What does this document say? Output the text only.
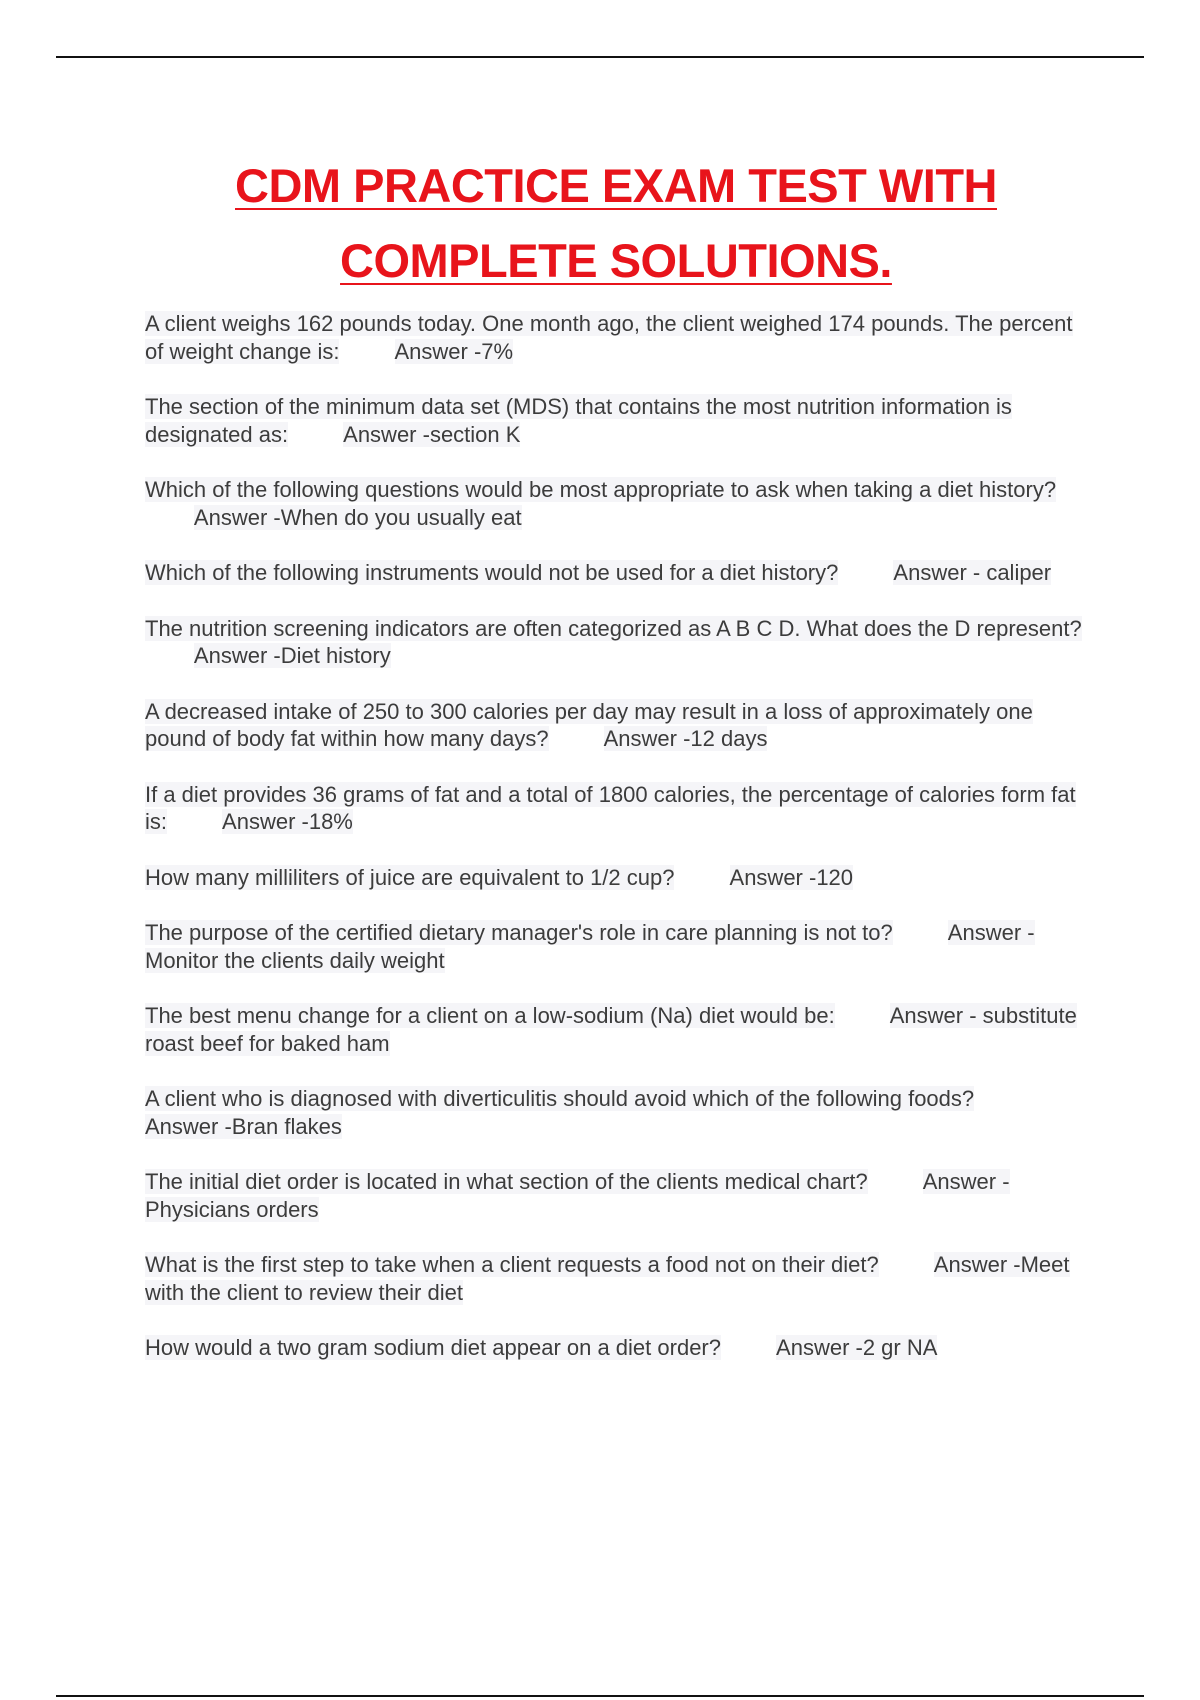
CDM PRACTICE EXAM TEST WITH
COMPLETE SOLUTIONS.
A client weighs 162 pounds today. One month ago, the client weighed 174 pounds. The percent of weight change is:	Answer -7%
The section of the minimum data set (MDS) that contains the most nutrition information is designated as:	Answer -section K
Which of the following questions would be most appropriate to ask when taking a diet history?  Answer -When do you usually eat
Which of the following instruments would not be used for a diet history?	Answer - caliper
The nutrition screening indicators are often categorized as A B C D. What does the D represent?  Answer -Diet history
A decreased intake of 250 to 300 calories per day may result in a loss of approximately one pound of body fat within how many days?	Answer -12 days
If a diet provides 36 grams of fat and a total of 1800 calories, the percentage of calories form fat is:	Answer -18%
How many milliliters of juice are equivalent to 1/2 cup?	Answer -120
The purpose of the certified dietary manager's role in care planning is not to?	Answer -Monitor the clients daily weight
The best menu change for a client on a low-sodium (Na) diet would be:	Answer - substitute roast beef for baked ham
A client who is diagnosed with diverticulitis should avoid which of the following foods?  Answer -Bran flakes
The initial diet order is located in what section of the clients medical chart?	Answer - Physicians orders
What is the first step to take when a client requests a food not on their diet?	Answer -Meet with the client to review their diet
How would a two gram sodium diet appear on a diet order?	Answer -2 gr NA
